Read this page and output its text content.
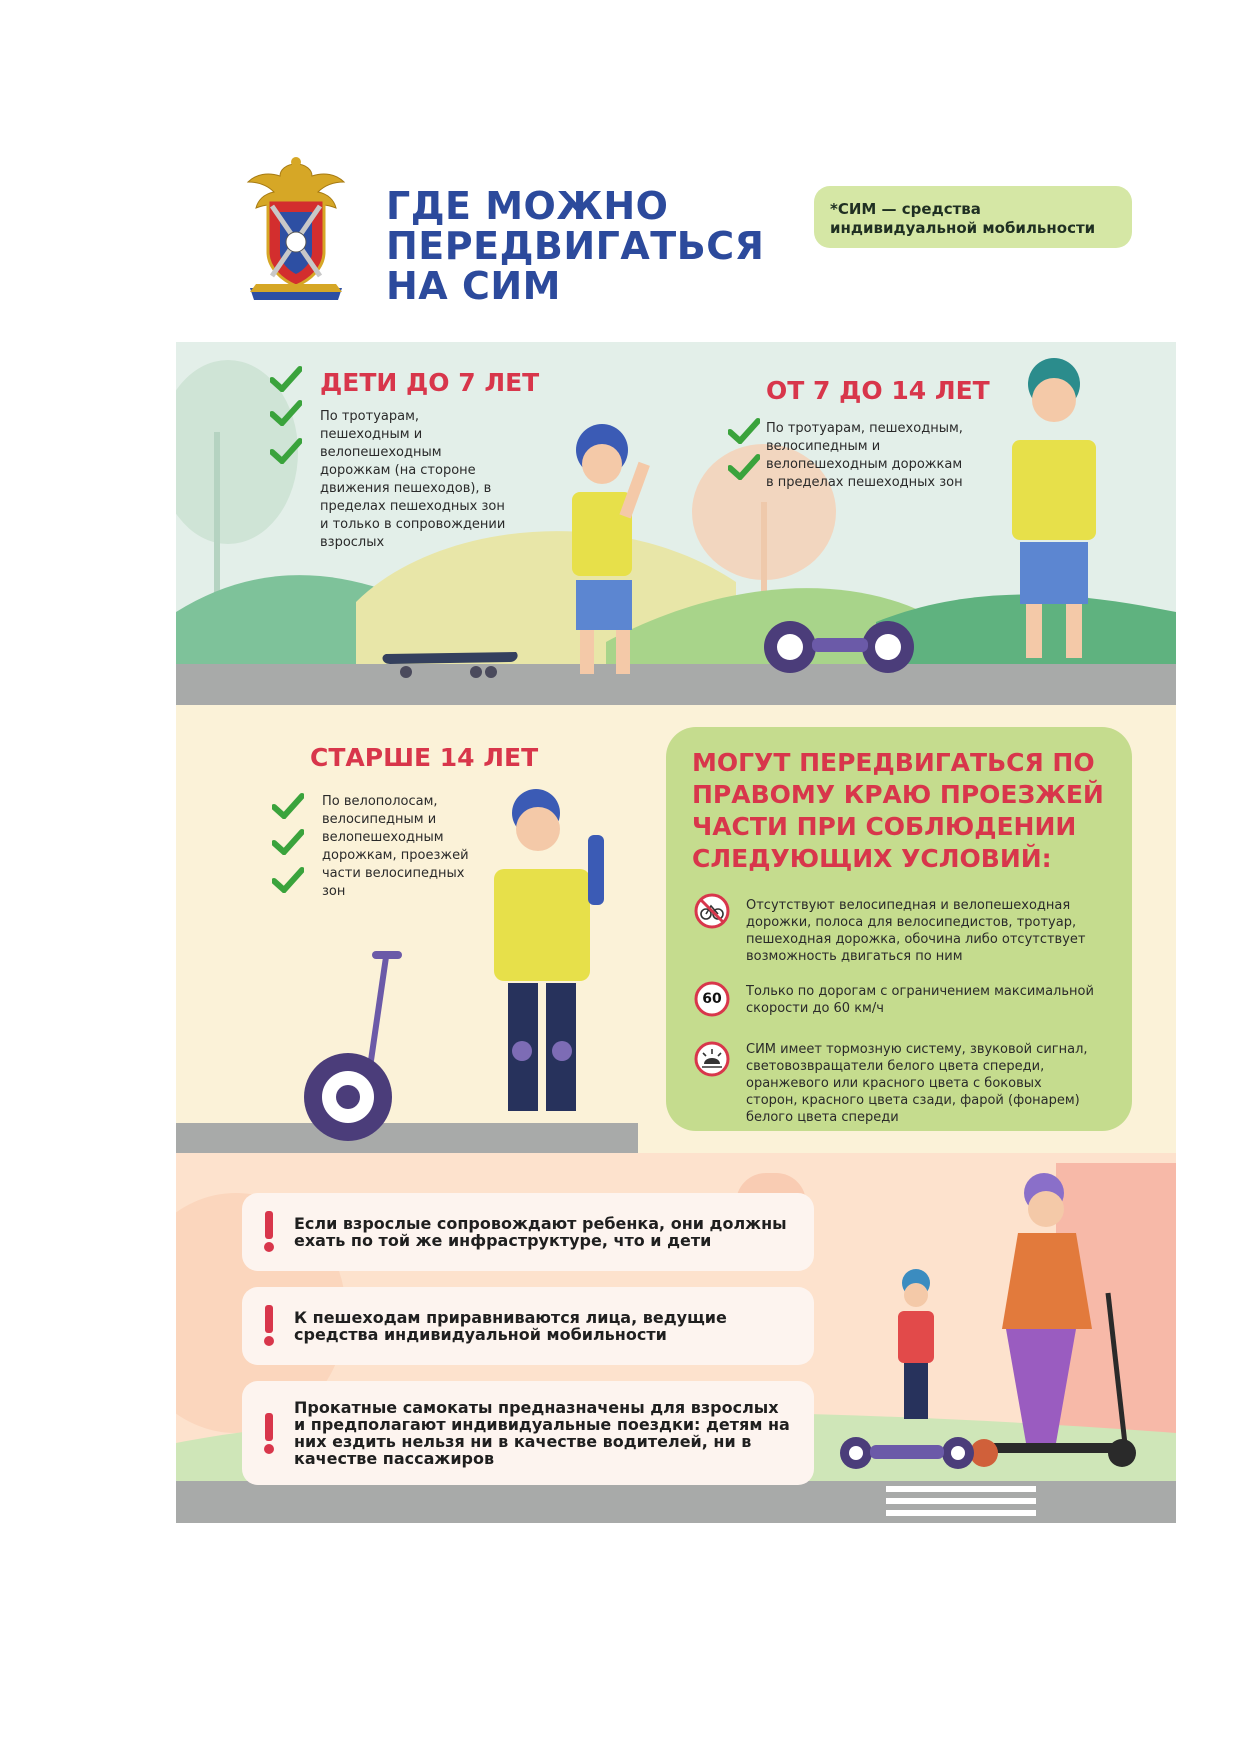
ГДЕ МОЖНО
ПЕРЕДВИГАТЬСЯ
НА СИМ
*СИМ — средства индивидуальной мобильности
ДЕТИ ДО 7 ЛЕТ
По тротуарам, пешеходным и велопешеходным дорожкам (на стороне движения пешеходов), в пределах пешеходных зон и только в сопровождении взрослых
ОТ 7 ДО 14 ЛЕТ
По тротуарам, пешеходным, велосипедным и велопешеходным дорожкам в пределах пешеходных зон
СТАРШЕ 14 ЛЕТ
По велополосам, велосипедным и велопешеходным дорожкам, проезжей части велосипедных зон
МОГУТ ПЕРЕДВИГАТЬСЯ ПО ПРАВОМУ КРАЮ ПРОЕЗЖЕЙ ЧАСТИ ПРИ СОБЛЮДЕНИИ СЛЕДУЮЩИХ УСЛОВИЙ:
Отсутствуют велосипедная и велопешеходная дорожки, полоса для велосипедистов, тротуар, пешеходная дорожка, обочина либо отсутствует возможность двигаться по ним
60	Только по дорогам с ограничением максимальной скорости до 60 км/ч
СИМ имеет тормозную систему, звуковой сигнал, световозвращатели белого цвета спереди, оранжевого или красного цвета с боковых сторон, красного цвета сзади, фарой (фонарем) белого цвета спереди
Если взрослые сопровождают ребенка, они должны ехать по той же инфраструктуре, что и дети
К пешеходам приравниваются лица, ведущие средства индивидуальной мобильности
Прокатные самокаты предназначены для взрослых и предполагают индивидуальные поездки: детям на них ездить нельзя ни в качестве водителей, ни в качестве пассажиров
